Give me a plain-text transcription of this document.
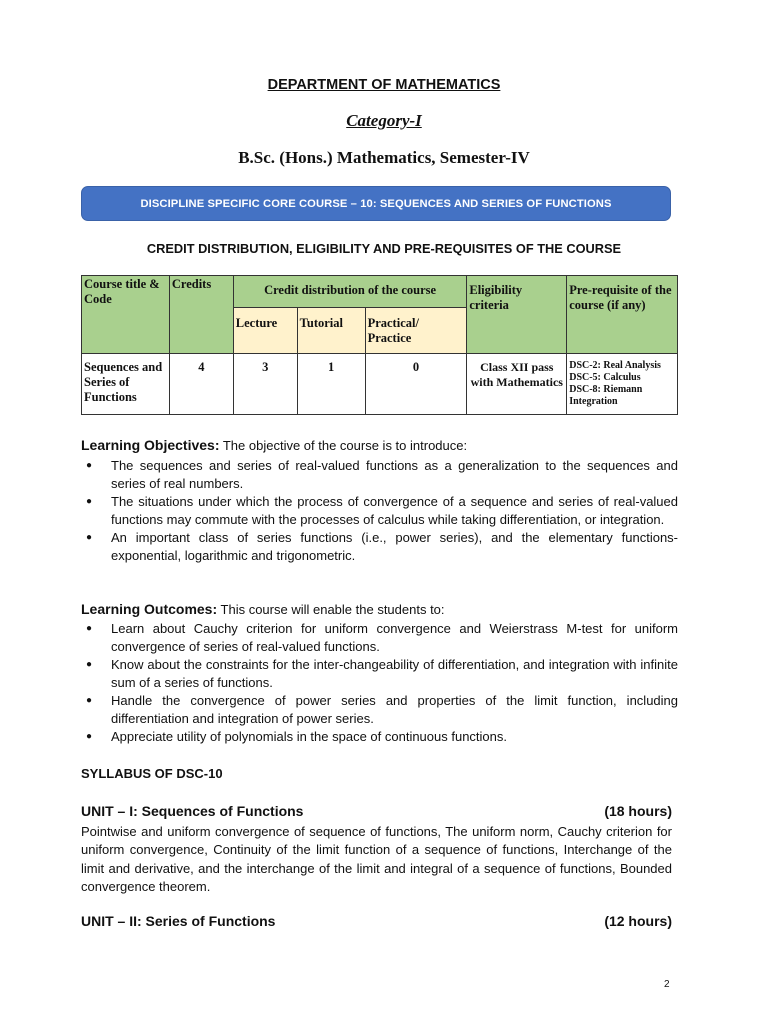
DEPARTMENT OF MATHEMATICS
Category-I
B.Sc. (Hons.) Mathematics, Semester-IV
DISCIPLINE SPECIFIC CORE COURSE – 10: SEQUENCES AND SERIES OF FUNCTIONS
CREDIT DISTRIBUTION, ELIGIBILITY AND PRE-REQUISITES OF THE COURSE
Course title & Code	Credits	Credit distribution of the course			Eligibility criteria	Pre-requisite of the course (if any)
		Lecture	Tutorial	Practical/ Practice		
Sequences and Series of Functions	4	3	1	0	Class XII pass with Mathematics	DSC-2: Real Analysis
DSC-5: Calculus
DSC-8: Riemann Integration
Learning Objectives: The objective of the course is to introduce:
● The sequences and series of real-valued functions as a generalization to the sequences and series of real numbers.
● The situations under which the process of convergence of a sequence and series of real-valued functions may commute with the processes of calculus while taking differentiation, or integration.
● An important class of series functions (i.e., power series), and the elementary functions-exponential, logarithmic and trigonometric.
Learning Outcomes: This course will enable the students to:
● Learn about Cauchy criterion for uniform convergence and Weierstrass M-test for uniform convergence of series of real-valued functions.
● Know about the constraints for the inter-changeability of differentiation, and integration with infinite sum of a series of functions.
● Handle the convergence of power series and properties of the limit function, including differentiation and integration of power series.
● Appreciate utility of polynomials in the space of continuous functions.
SYLLABUS OF DSC-10
UNIT – I: Sequences of Functions	(18 hours)
Pointwise and uniform convergence of sequence of functions, The uniform norm, Cauchy criterion for uniform convergence, Continuity of the limit function of a sequence of functions, Interchange of the limit and derivative, and the interchange of the limit and integral of a sequence of functions, Bounded convergence theorem.
UNIT – II: Series of Functions	(12 hours)
2
